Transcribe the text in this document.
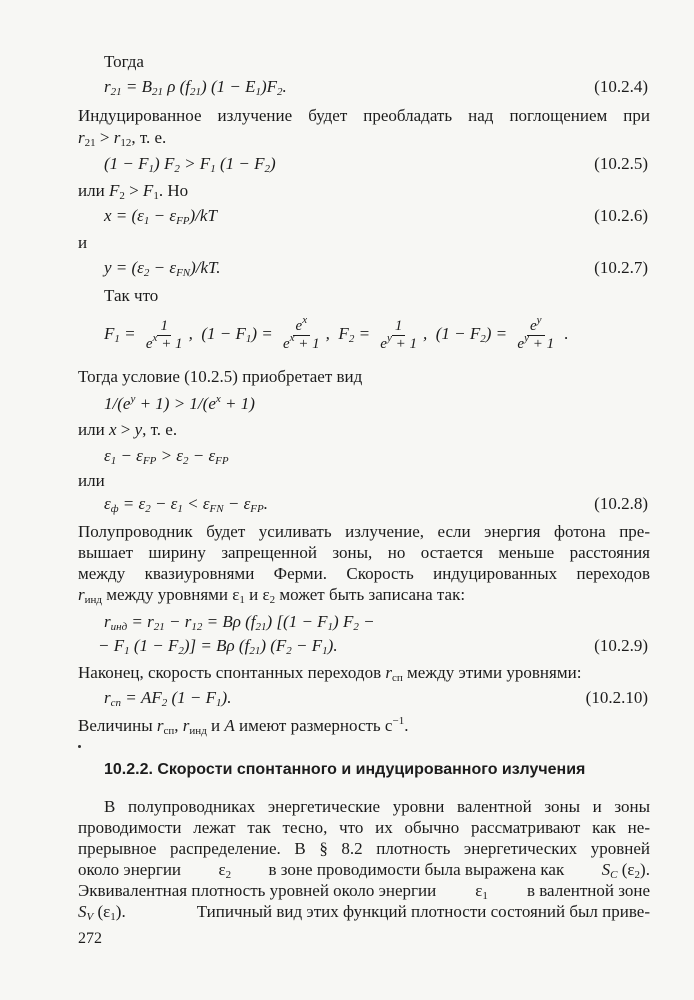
Тогда
$r_{21} = B_{21}$ ρ $(f_{21}) (1 - E_1)F_2$.	(10.2.4)
Индуцированное излучение будет преобладать над поглощением при
$r_{21} > r_{12}$, т. е.
$(1 - F_1)$ $F_2 > F_1$ $(1 - F_2)$	(10.2.5)
или $F_2 > F_1$. Но
$x = (\varepsilon_1 - \varepsilon_{FP})/kT$	(10.2.6)
и
$y = (\varepsilon_2 - \varepsilon_{FN})/kT$.	(10.2.7)
Так что
$F_1 = \frac{1}{e^x + 1}$ ,  $(1 - F_1) = \frac{e^x}{e^x + 1}$ ,  $F_2 = \frac{1}{e^y + 1}$ ,  $(1 - F_2) = \frac{e^y}{e^y + 1}$ .
Тогда условие (10.2.5) приобретает вид
$1/(e^y + 1) > 1/(e^x + 1)$
или x > y, т. е.
$\varepsilon_1 - \varepsilon_{FP} > \varepsilon_2 - \varepsilon_{FP}$
или
$\varepsilon_ф = \varepsilon_2 - \varepsilon_1 < \varepsilon_{FN} - \varepsilon_{FP}$.	(10.2.8)
Полупроводник будет усиливать излучение, если энергия фотона пре-
вышает ширину запрещенной зоны, но остается меньше расстояния
между квазиуровнями Ферми. Скорость индуцированных переходов
$r_{инд}$ между уровнями $\varepsilon_1$ и $\varepsilon_2$ может быть записана так:
$r_{инд} = r_{21} - r_{12} = B\rho$ $(f_{21}) [(1 - F_1) F_2$ −
− $F_1$ $(1 - F_2)] = B\rho$ $(f_{21}) (F_2 - F_1)$.	(10.2.9)
Наконец, скорость спонтанных переходов $r_{сп}$ между этими уровнями:
$r_{сп} = AF_2$ $(1 - F_1)$.	(10.2.10)
Величины $r_{сп}$, $r_{инд}$ и A имеют размерность $с^{-1}$.
10.2.2. Скорости спонтанного и индуцированного излучения
В полупроводниках энергетические уровни валентной зоны и зоны
проводимости лежат так тесно, что их обычно рассматривают как не-
прерывное распределение. В § 8.2 плотность энергетических уровней
около энергии $\varepsilon_2$ в зоне проводимости была выражена как $S_C$ $(\varepsilon_2)$.
Эквивалентная плотность уровней около энергии $\varepsilon_1$ в валентной зоне
$S_V$ $(\varepsilon_1)$.	Типичный вид этих функций плотности состояний был приве-
272
